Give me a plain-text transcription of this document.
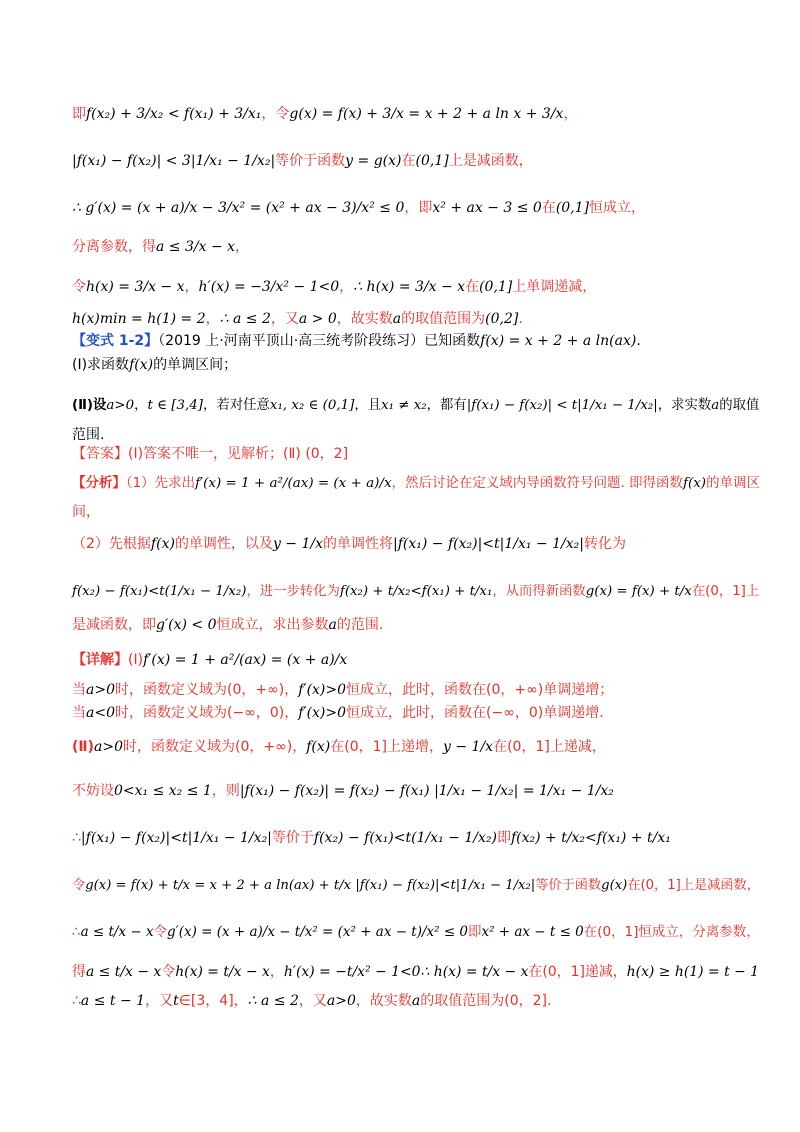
即f(x₂) + 3/x₂ < f(x₁) + 3/x₁，令g(x) = f(x) + 3/x = x + 2 + a ln x + 3/x，
|f(x₁) − f(x₂)| < 3|1/x₁ − 1/x₂|等价于函数y = g(x)在(0,1]上是减函数，
∴ g′(x) = (x + a)/x − 3/x² = (x² + ax − 3)/x² ≤ 0，即x² + ax − 3 ≤ 0在(0,1]恒成立，
分离参数，得a ≤ 3/x − x，
令h(x) = 3/x − x，h′(x) = −3/x² − 1<0，∴ h(x) = 3/x − x在(0,1]上单调递减，
h(x)min = h(1) = 2，∴ a ≤ 2，又a > 0，故实数a的取值范围为(0,2].
【变式 1-2】（2019 上·河南平顶山·高三统考阶段练习）已知函数f(x) = x + 2 + a ln(ax).
(Ⅰ)求函数f(x)的单调区间；
(Ⅱ)设a>0，t ∈ [3,4]，若对任意x₁, x₂ ∈ (0,1]，且x₁ ≠ x₂，都有|f(x₁) − f(x₂)| < t|1/x₁ − 1/x₂|，求实数a的取值
范围.
【答案】(Ⅰ)答案不唯一，见解析；(Ⅱ) (0，2]
【分析】（1）先求出f′(x) = 1 + a²/(ax) = (x + a)/x，然后讨论在定义域内导函数符号问题. 即得函数f(x)的单调区
间，
（2）先根据f(x)的单调性，以及y − 1/x的单调性将|f(x₁) − f(x₂)|<t|1/x₁ − 1/x₂|转化为
f(x₂) − f(x₁)<t(1/x₁ − 1/x₂)，进一步转化为f(x₂) + t/x₂<f(x₁) + t/x₁，从而得新函数g(x) = f(x) + t/x在(0，1]上
是减函数，即g′(x) < 0恒成立，求出参数a的范围.
【详解】(Ⅰ)f′(x) = 1 + a²/(ax) = (x + a)/x
当a>0时，函数定义域为(0，+∞)，f′(x)>0恒成立，此时，函数在(0，+∞)单调递增；
当a<0时，函数定义域为(−∞，0)，f′(x)>0恒成立，此时，函数在(−∞，0)单调递增.
(Ⅱ)a>0时，函数定义域为(0，+∞)，f(x)在(0，1]上递增，y − 1/x在(0，1]上递减，
不妨设0<x₁ ≤ x₂ ≤ 1，则|f(x₁) − f(x₂)| = f(x₂) − f(x₁) |1/x₁ − 1/x₂| = 1/x₁ − 1/x₂
∴|f(x₁) − f(x₂)|<t|1/x₁ − 1/x₂|等价于f(x₂) − f(x₁)<t(1/x₁ − 1/x₂)即f(x₂) + t/x₂<f(x₁) + t/x₁
令g(x) = f(x) + t/x = x + 2 + a ln(ax) + t/x |f(x₁) − f(x₂)|<t|1/x₁ − 1/x₂|等价于函数g(x)在(0，1]上是减函数，
∴a ≤ t/x − x令g′(x) = (x + a)/x − t/x² = (x² + ax − t)/x² ≤ 0即x² + ax − t ≤ 0在(0，1]恒成立，分离参数，
得a ≤ t/x − x令h(x) = t/x − x，h′(x) = −t/x² − 1<0∴ h(x) = t/x − x在(0，1]递减，h(x) ≥ h(1) = t − 1
∴a ≤ t − 1，又t∈[3，4]，∴ a ≤ 2，又a>0，故实数a的取值范围为(0，2].
